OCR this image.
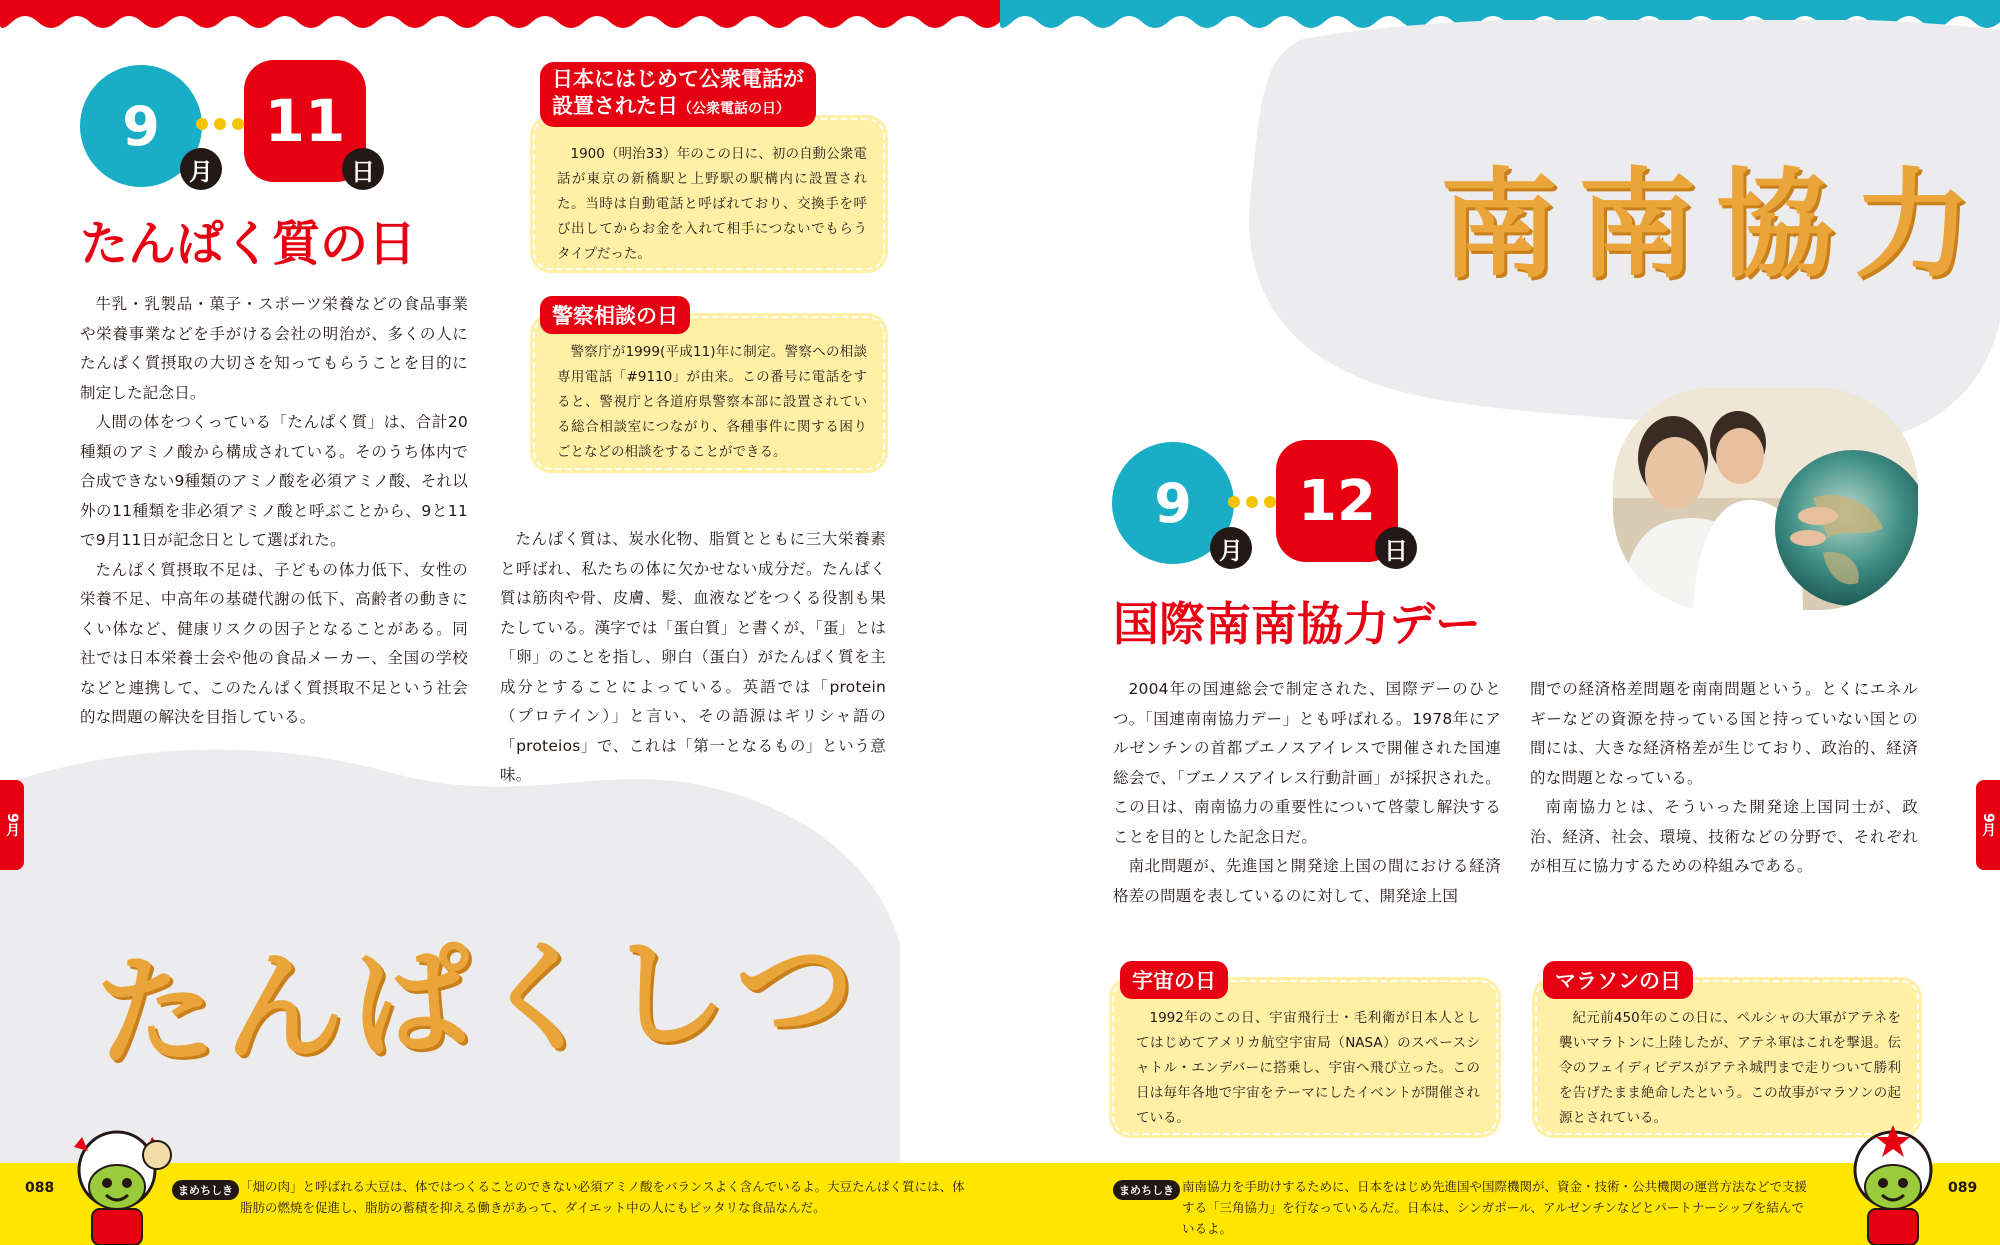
9	11
月	日
たんぱく質の日

牛乳・乳製品・菓子・スポーツ栄養などの食品事業や栄養事業などを手がける会社の明治が、多くの人にたんぱく質摂取の大切さを知ってもらうことを目的に制定した記念日。

人間の体をつくっている「たんぱく質」は、合計20種類のアミノ酸から構成されている。そのうち体内で合成できない9種類のアミノ酸を必須アミノ酸、それ以外の11種類を非必須アミノ酸と呼ぶことから、9と11で9月11日が記念日として選ばれた。

たんぱく質摂取不足は、子どもの体力低下、女性の栄養不足、中高年の基礎代謝の低下、高齢者の動きにくい体など、健康リスクの因子となることがある。同社では日本栄養士会や他の食品メーカー、全国の学校などと連携して、このたんぱく質摂取不足という社会的な問題の解決を目指している。

たんぱく質は、炭水化物、脂質とともに三大栄養素と呼ばれ、私たちの体に欠かせない成分だ。たんぱく質は筋肉や骨、皮膚、髪、血液などをつくる役割も果たしている。漢字では「蛋白質」と書くが、「蛋」とは「卵」のことを指し、卵白（蛋白）がたんぱく質を主成分とすることによっている。英語では「protein（プロテイン）」と言い、その語源はギリシャ語の「proteios」で、これは「第一となるもの」という意味。

1900（明治33）年のこの日に、初の自動公衆電話が東京の新橋駅と上野駅の駅構内に設置された。当時は自動電話と呼ばれており、交換手を呼び出してからお金を入れて相手につないでもらうタイプだった。

日本にはじめて公衆電話が
設置された日（公衆電話の日）

警察庁が1999(平成11)年に制定。警察への相談専用電話「#9110」が由来。この番号に電話をすると、警視庁と各道府県警察本部に設置されている総合相談室につながり、各種事件に関する困りごとなどの相談をすることができる。

警察相談の日
たんぱくしつ
9月
南南協力
9	12
月	日
国際南南協力デー

2004年の国連総会で制定された、国際デーのひとつ。「国連南南協力デー」とも呼ばれる。1978年にアルゼンチンの首都ブエノスアイレスで開催された国連総会で、「ブエノスアイレス行動計画」が採択された。この日は、南南協力の重要性について啓蒙し解決することを目的とした記念日だ。

南北問題が、先進国と開発途上国の間における経済格差の問題を表しているのに対して、開発途上国

間での経済格差問題を南南問題という。とくにエネルギーなどの資源を持っている国と持っていない国との間には、大きな経済格差が生じており、政治的、経済的な問題となっている。

南南協力とは、そういった開発途上国同士が、政治、経済、社会、環境、技術などの分野で、それぞれが相互に協力するための枠組みである。

1992年のこの日、宇宙飛行士・毛利衛が日本人としてはじめてアメリカ航空宇宙局（NASA）のスペースシャトル・エンデバーに搭乗し、宇宙へ飛び立った。この日は毎年各地で宇宙をテーマにしたイベントが開催されている。

宇宙の日

紀元前450年のこの日に、ペルシャの大軍がアテネを襲いマラトンに上陸したが、アテネ軍はこれを撃退。伝令のフェイディピデスがアテネ城門まで走りついて勝利を告げたまま絶命したという。この故事がマラソンの起源とされている。

マラソンの日
9月
088	まめちしき 「畑の肉」と呼ばれる大豆は、体ではつくることのできない必須アミノ酸をバランスよく含んでいるよ。大豆たんぱく質には、体脂肪の燃焼を促進し、脂肪の蓄積を抑える働きがあって、ダイエット中の人にもピッタリな食品なんだ。
まめちしき 南南協力を手助けするために、日本をはじめ先進国や国際機関が、資金・技術・公共機関の運営方法などで支援する「三角協力」を行なっているんだ。日本は、シンガポール、アルゼンチンなどとパートナーシップを結んでいるよ。
089
